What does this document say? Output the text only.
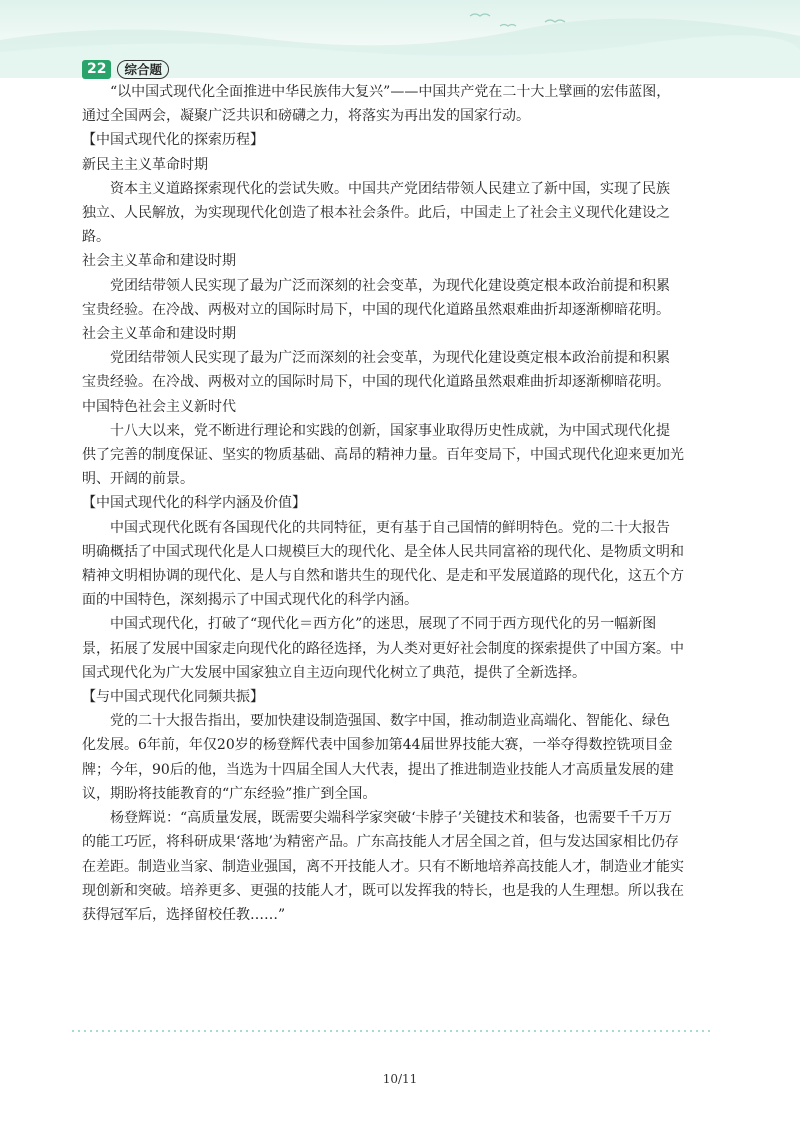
22	综合题

“以中国式现代化全面推进中华民族伟大复兴”——中国共产党在二十大上擘画的宏伟蓝图，

通过全国两会，凝聚广泛共识和磅礴之力，将落实为再出发的国家行动。

【中国式现代化的探索历程】

新民主主义革命时期

资本主义道路探索现代化的尝试失败。中国共产党团结带领人民建立了新中国，实现了民族

独立、人民解放，为实现现代化创造了根本社会条件。此后，中国走上了社会主义现代化建设之

路。

社会主义革命和建设时期

党团结带领人民实现了最为广泛而深刻的社会变革，为现代化建设奠定根本政治前提和积累

宝贵经验。在冷战、两极对立的国际时局下，中国的现代化道路虽然艰难曲折却逐渐柳暗花明。

社会主义革命和建设时期

党团结带领人民实现了最为广泛而深刻的社会变革，为现代化建设奠定根本政治前提和积累

宝贵经验。在冷战、两极对立的国际时局下，中国的现代化道路虽然艰难曲折却逐渐柳暗花明。

中国特色社会主义新时代

十八大以来，党不断进行理论和实践的创新，国家事业取得历史性成就，为中国式现代化提

供了完善的制度保证、坚实的物质基础、高昂的精神力量。百年变局下，中国式现代化迎来更加光

明、开阔的前景。

【中国式现代化的科学内涵及价值】

中国式现代化既有各国现代化的共同特征，更有基于自己国情的鲜明特色。党的二十大报告

明确概括了中国式现代化是人口规模巨大的现代化、是全体人民共同富裕的现代化、是物质文明和

精神文明相协调的现代化、是人与自然和谐共生的现代化、是走和平发展道路的现代化，这五个方

面的中国特色，深刻揭示了中国式现代化的科学内涵。

中国式现代化，打破了“现代化＝西方化”的迷思，展现了不同于西方现代化的另一幅新图

景，拓展了发展中国家走向现代化的路径选择，为人类对更好社会制度的探索提供了中国方案。中

国式现代化为广大发展中国家独立自主迈向现代化树立了典范，提供了全新选择。

【与中国式现代化同频共振】

党的二十大报告指出，要加快建设制造强国、数字中国，推动制造业高端化、智能化、绿色

化发展。6年前，年仅20岁的杨登辉代表中国参加第44届世界技能大赛，一举夺得数控铣项目金

牌；今年，90后的他，当选为十四届全国人大代表，提出了推进制造业技能人才高质量发展的建

议，期盼将技能教育的“广东经验”推广到全国。

杨登辉说：“高质量发展，既需要尖端科学家突破‘卡脖子’关键技术和装备，也需要千千万万

的能工巧匠，将科研成果‘落地’为精密产品。广东高技能人才居全国之首，但与发达国家相比仍存

在差距。制造业当家、制造业强国，离不开技能人才。只有不断地培养高技能人才，制造业才能实

现创新和突破。培养更多、更强的技能人才，既可以发挥我的特长，也是我的人生理想。所以我在

获得冠军后，选择留校任教……”

10/11
